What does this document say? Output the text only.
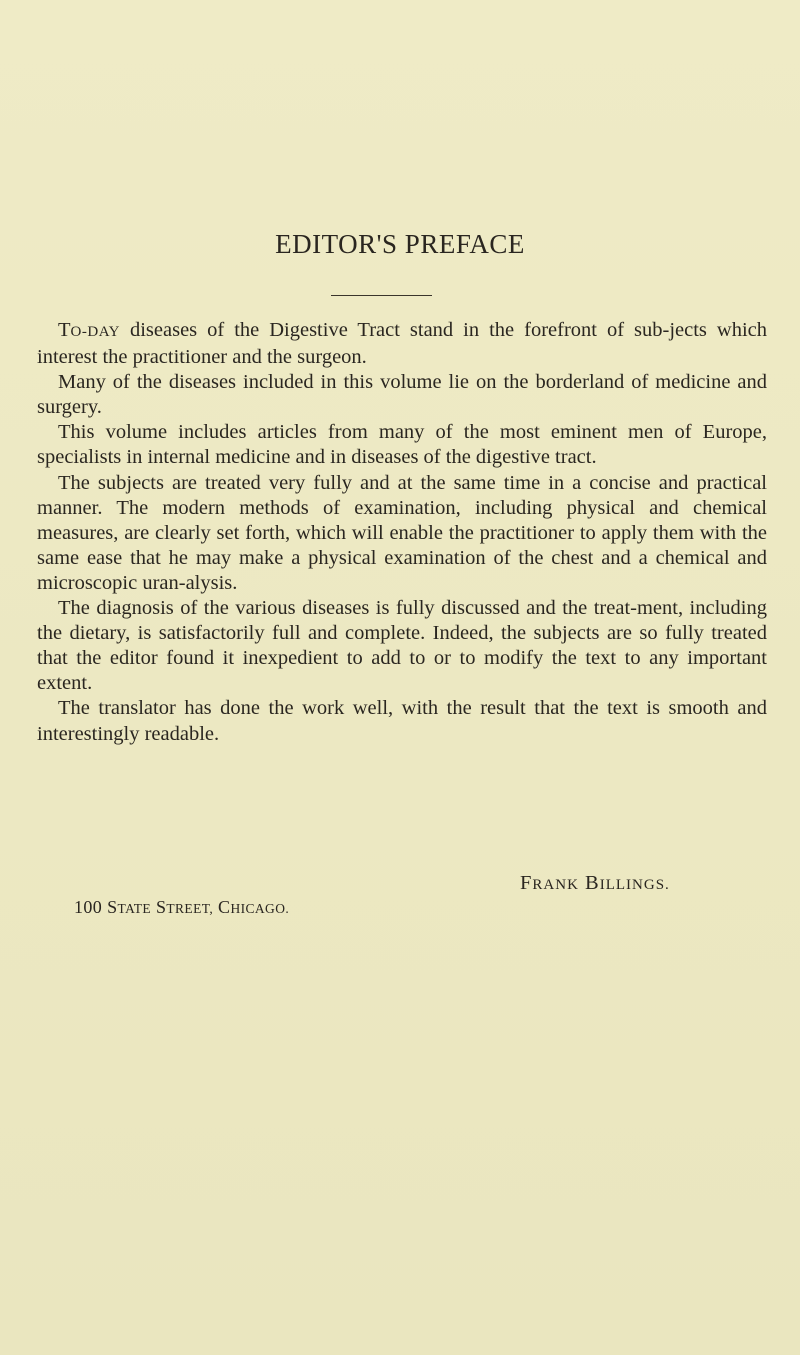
EDITOR'S PREFACE

TO-DAY diseases of the Digestive Tract stand in the forefront of sub-jects which interest the practitioner and the surgeon.

Many of the diseases included in this volume lie on the borderland of medicine and surgery.

This volume includes articles from many of the most eminent men of Europe, specialists in internal medicine and in diseases of the digestive tract.

The subjects are treated very fully and at the same time in a concise and practical manner. The modern methods of examination, including physical and chemical measures, are clearly set forth, which will enable the practitioner to apply them with the same ease that he may make a physical examination of the chest and a chemical and microscopic uran-alysis.

The diagnosis of the various diseases is fully discussed and the treat-ment, including the dietary, is satisfactorily full and complete. Indeed, the subjects are so fully treated that the editor found it inexpedient to add to or to modify the text to any important extent.

The translator has done the work well, with the result that the text is smooth and interestingly readable.

FRANK BILLINGS.
100 STATE STREET, CHICAGO.
